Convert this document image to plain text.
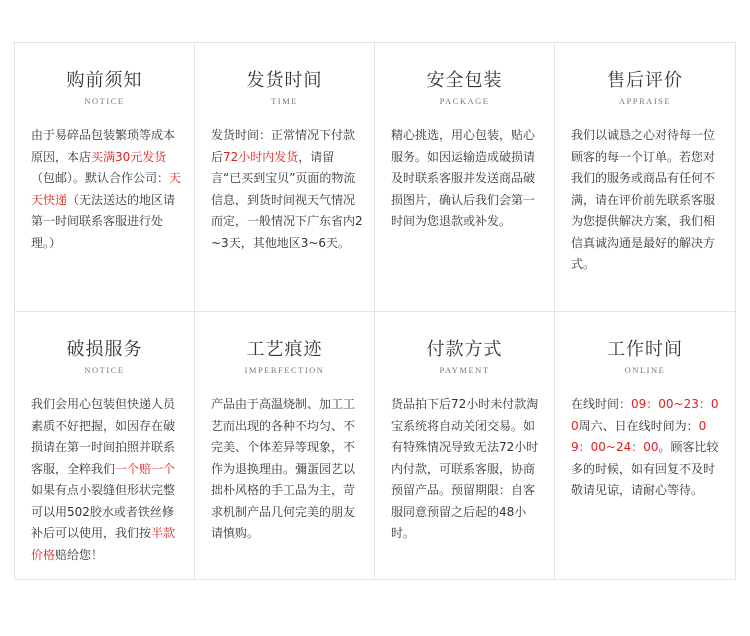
购前须知
NOTICE
由于易碎品包装繁琐等成本原因，本店买满30元发货（包邮）。默认合作公司：天天快递（无法送达的地区请第一时间联系客服进行处理。）
发货时间
TIME
发货时间：正常情况下付款后72小时内发货，请留言“已买到宝贝”页面的物流信息，到货时间视天气情况而定，一般情况下广东省内2 ~3天，其他地区3~6天。
安全包装
PACKAGE
精心挑选，用心包装，贴心服务。如因运输造成破损请及时联系客服并发送商品破损图片，确认后我们会第一时间为您退款或补发。
售后评价
APPRAISE
我们以诚恳之心对待每一位顾客的每一个订单。若您对我们的服务或商品有任何不满，请在评价前先联系客服为您提供解决方案，我们相信真诚沟通是最好的解决方式。
破损服务
NOTICE
我们会用心包装但快递人员素质不好把握，如因存在破损请在第一时间拍照并联系客服，全粹我们一个赔一个如果有点小裂缝但形状完整可以用502胶水或者铁丝修补后可以使用，我们按半款价格赔给您！
工艺痕迹
IMPERFECTION
产品由于高温烧制、加工工艺而出现的各种不均匀、不完美、个体差异等现象，不作为退换理由。彌蛋园艺以拙朴风格的手工品为主，苛求机制产品几何完美的朋友请慎购。
付款方式
PAYMENT
货品拍下后72小时未付款淘宝系统将自动关闭交易。如有特殊情况导致无法72小时内付款，可联系客服，协商预留产品。预留期限：自客服同意预留之后起的48小时。
工作时间
ONLINE
在线时间：09：00~23：00周六、日在线时间为：09：00~24：00。顾客比较多的时候，如有回复不及时敬请见谅，请耐心等待。
